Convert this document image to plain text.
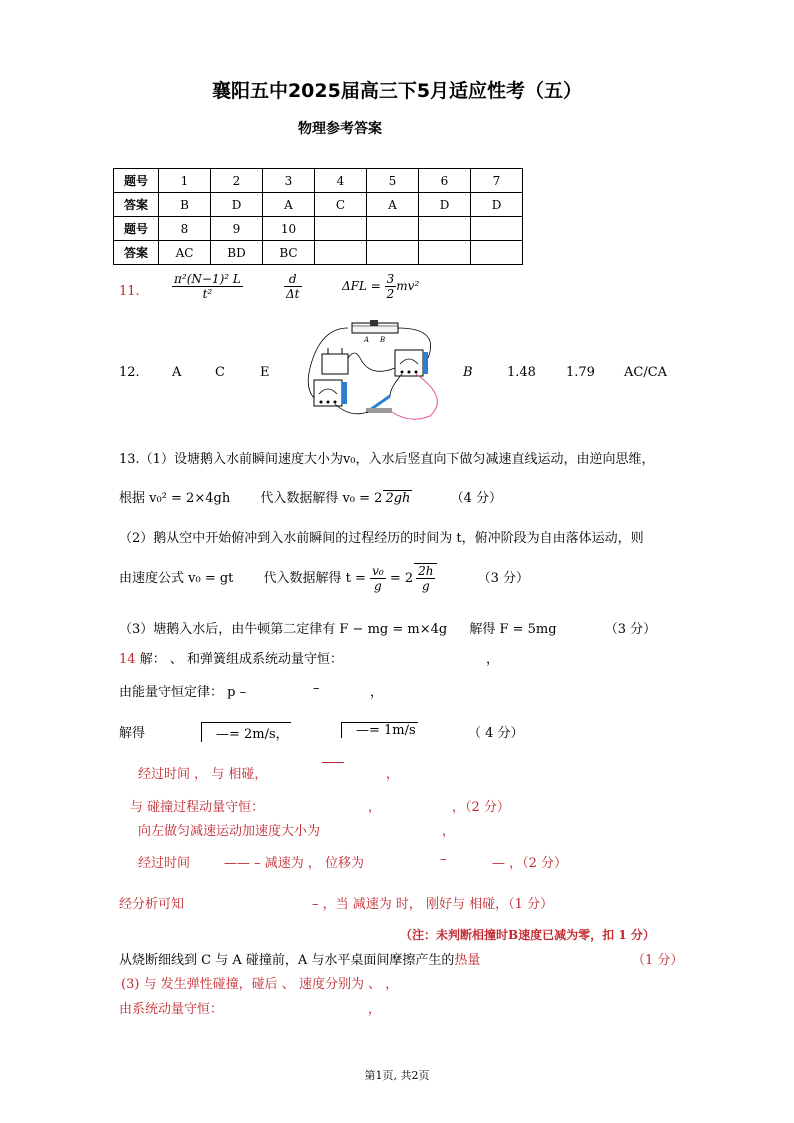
襄阳五中2025届高三下5月适应性考（五）
物理参考答案
题号	1	2	3	4	5	6	7
答案	B	D	A	C	A	D	D
题号	8	9	10				
答案	AC	BD	BC				
11.	$\frac{\text{π²(N−1)² L}}{\text{t²}}$	$\frac{d}{\Delta t}$	$\Delta FL = \frac{3}{2} mv^2$
12. A	C	E
A B
B	1.48 1.79 AC/CA
13.（1）设塘鹅入水前瞬间速度大小为v₀，入水后竖直向下做匀减速直线运动，由逆向思维，
根据 v₀² = 2×4gh 代入数据解得 v₀ = 2 2gh	（4 分）
（2）鹅从空中开始俯冲到入水前瞬间的过程经历的时间为 t，俯冲阶段为自由落体运动，则
由速度公式 v₀ = gt 代入数据解得 $t = \frac{\text{v₀}}{g} = 2 \frac{2h}{g}$	（3 分）
（3）塘鹅入水后，由牛顿第二定律有 F − mg = m×4g 解得 F = 5mg	（3 分）
14 解： 、 和弹簧组成系统动量守恒：	，
由能量守恒定律： p –	–	，
解得	—= 2m/s，	—= 1m/s	（ 4 分）
经过时间 ， 与 相碰，	，
与 碰撞过程动量守恒：	，	，（2 分）
向左做匀减速运动加速度大小为	，
经过时间	—— – 减速为 ， 位移为	–	— ，（2 分）
经分析可知	– ，当 减速为 时， 刚好与 相碰，（1 分）
（注：未判断相撞时B速度已减为零，扣 1 分）
从烧断细线到 C 与 A 碰撞前，A 与水平桌面间摩擦产生的热量	（1 分）
(3) 与 发生弹性碰撞，碰后 、 速度分别为 、 ，
由系统动量守恒：	，
第1页, 共2页
